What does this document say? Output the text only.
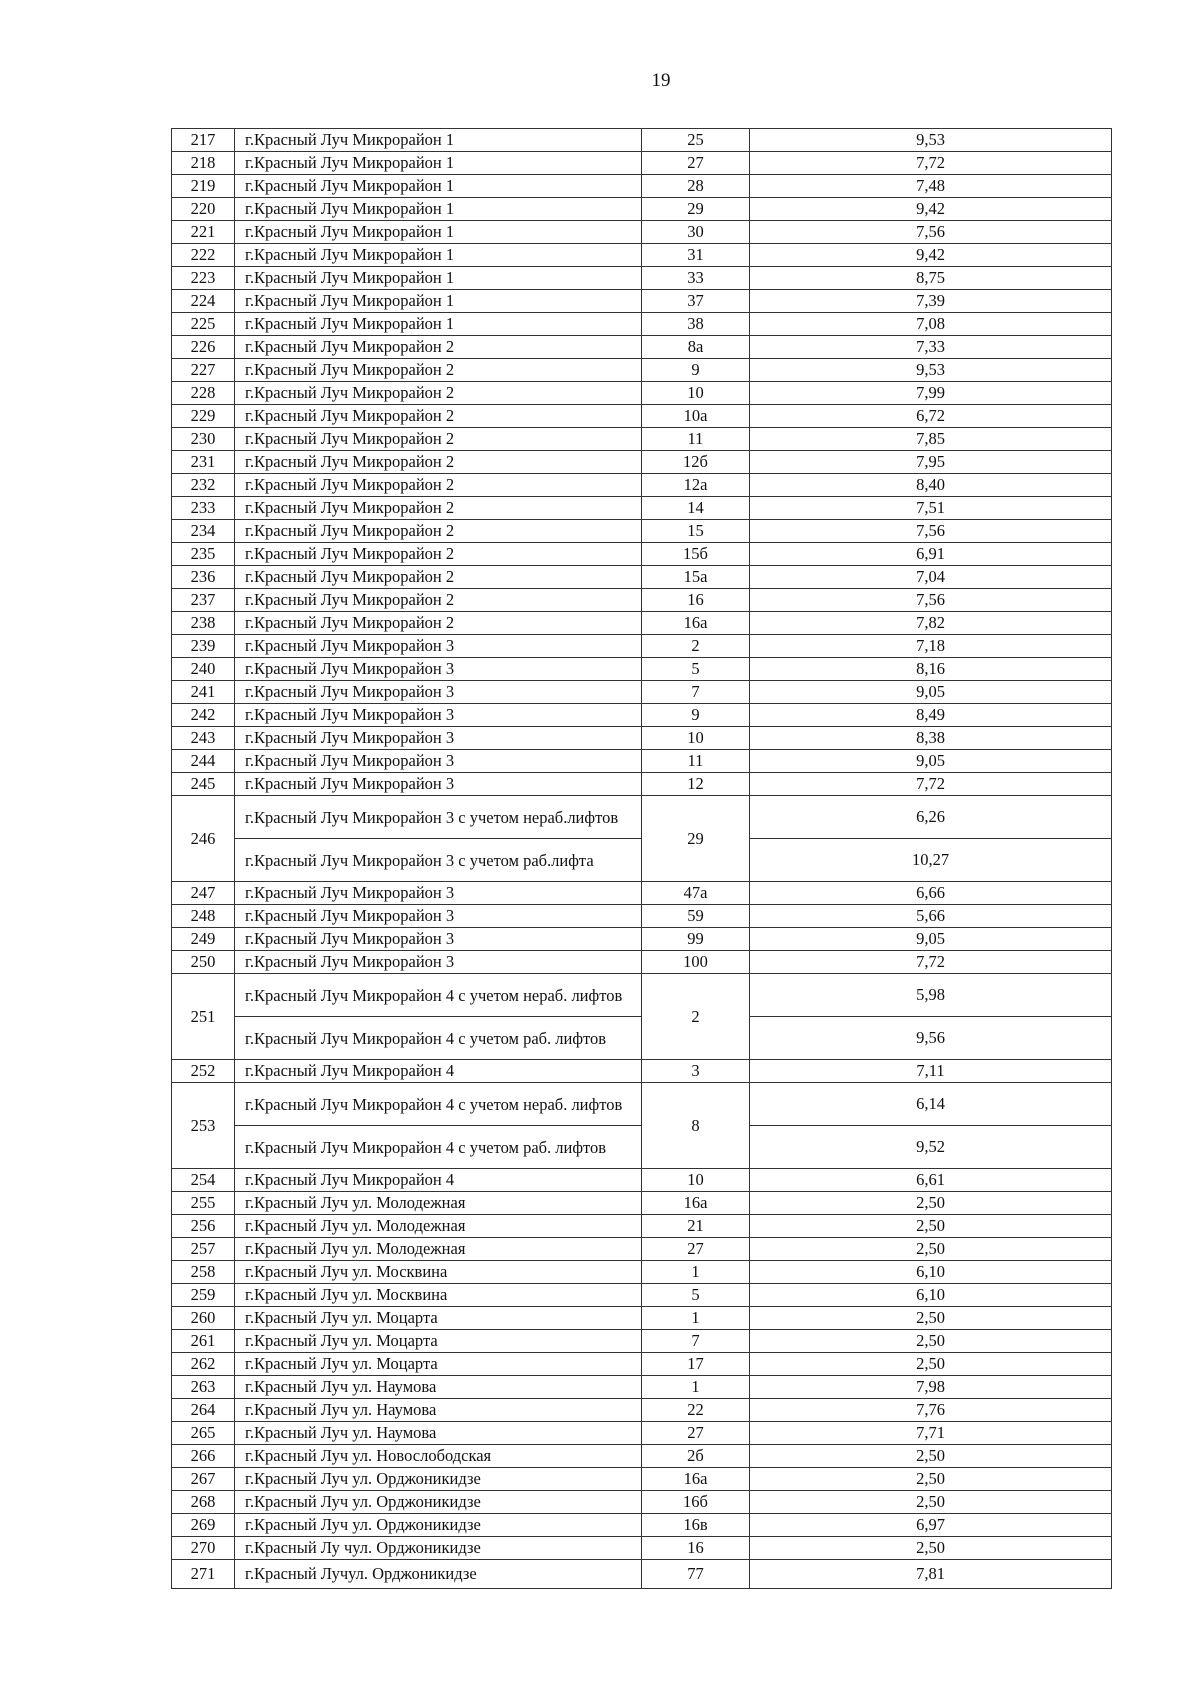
19
217	г.Красный Луч Микрорайон 1	25	9,53
218	г.Красный Луч Микрорайон 1	27	7,72
219	г.Красный Луч Микрорайон 1	28	7,48
220	г.Красный Луч Микрорайон 1	29	9,42
221	г.Красный Луч Микрорайон 1	30	7,56
222	г.Красный Луч Микрорайон 1	31	9,42
223	г.Красный Луч Микрорайон 1	33	8,75
224	г.Красный Луч Микрорайон 1	37	7,39
225	г.Красный Луч Микрорайон 1	38	7,08
226	г.Красный Луч Микрорайон 2	8а	7,33
227	г.Красный Луч Микрорайон 2	9	9,53
228	г.Красный Луч Микрорайон 2	10	7,99
229	г.Красный Луч Микрорайон 2	10а	6,72
230	г.Красный Луч Микрорайон 2	11	7,85
231	г.Красный Луч Микрорайон 2	12б	7,95
232	г.Красный Луч Микрорайон 2	12а	8,40
233	г.Красный Луч Микрорайон 2	14	7,51
234	г.Красный Луч Микрорайон 2	15	7,56
235	г.Красный Луч Микрорайон 2	15б	6,91
236	г.Красный Луч Микрорайон 2	15а	7,04
237	г.Красный Луч Микрорайон 2	16	7,56
238	г.Красный Луч Микрорайон 2	16а	7,82
239	г.Красный Луч Микрорайон 3	2	7,18
240	г.Красный Луч Микрорайон 3	5	8,16
241	г.Красный Луч Микрорайон 3	7	9,05
242	г.Красный Луч Микрорайон 3	9	8,49
243	г.Красный Луч Микрорайон 3	10	8,38
244	г.Красный Луч Микрорайон 3	11	9,05
245	г.Красный Луч Микрорайон 3	12	7,72
246	г.Красный Луч Микрорайон 3 с учетом нераб.лифтов	29	6,26
	г.Красный Луч Микрорайон 3 с учетом раб.лифта		10,27
247	г.Красный Луч Микрорайон 3	47а	6,66
248	г.Красный Луч Микрорайон 3	59	5,66
249	г.Красный Луч Микрорайон 3	99	9,05
250	г.Красный Луч Микрорайон 3	100	7,72
251	г.Красный Луч Микрорайон 4 с учетом нераб. лифтов	2	5,98
	г.Красный Луч Микрорайон 4 с учетом раб. лифтов		9,56
252	г.Красный Луч Микрорайон 4	3	7,11
253	г.Красный Луч Микрорайон 4 с учетом нераб. лифтов	8	6,14
	г.Красный Луч Микрорайон 4 с учетом раб. лифтов		9,52
254	г.Красный Луч Микрорайон 4	10	6,61
255	г.Красный Луч ул. Молодежная	16а	2,50
256	г.Красный Луч ул. Молодежная	21	2,50
257	г.Красный Луч ул. Молодежная	27	2,50
258	г.Красный Луч ул. Москвина	1	6,10
259	г.Красный Луч ул. Москвина	5	6,10
260	г.Красный Луч ул. Моцарта	1	2,50
261	г.Красный Луч ул. Моцарта	7	2,50
262	г.Красный Луч ул. Моцарта	17	2,50
263	г.Красный Луч ул. Наумова	1	7,98
264	г.Красный Луч ул. Наумова	22	7,76
265	г.Красный Луч ул. Наумова	27	7,71
266	г.Красный Луч ул. Новослободская	2б	2,50
267	г.Красный Луч ул. Орджоникидзе	16а	2,50
268	г.Красный Луч ул. Орджоникидзе	16б	2,50
269	г.Красный Луч ул. Орджоникидзе	16в	6,97
270	г.Красный Лу чул. Орджоникидзе	16	2,50
271	г.Красный Лучул. Орджоникидзе	77	7,81
